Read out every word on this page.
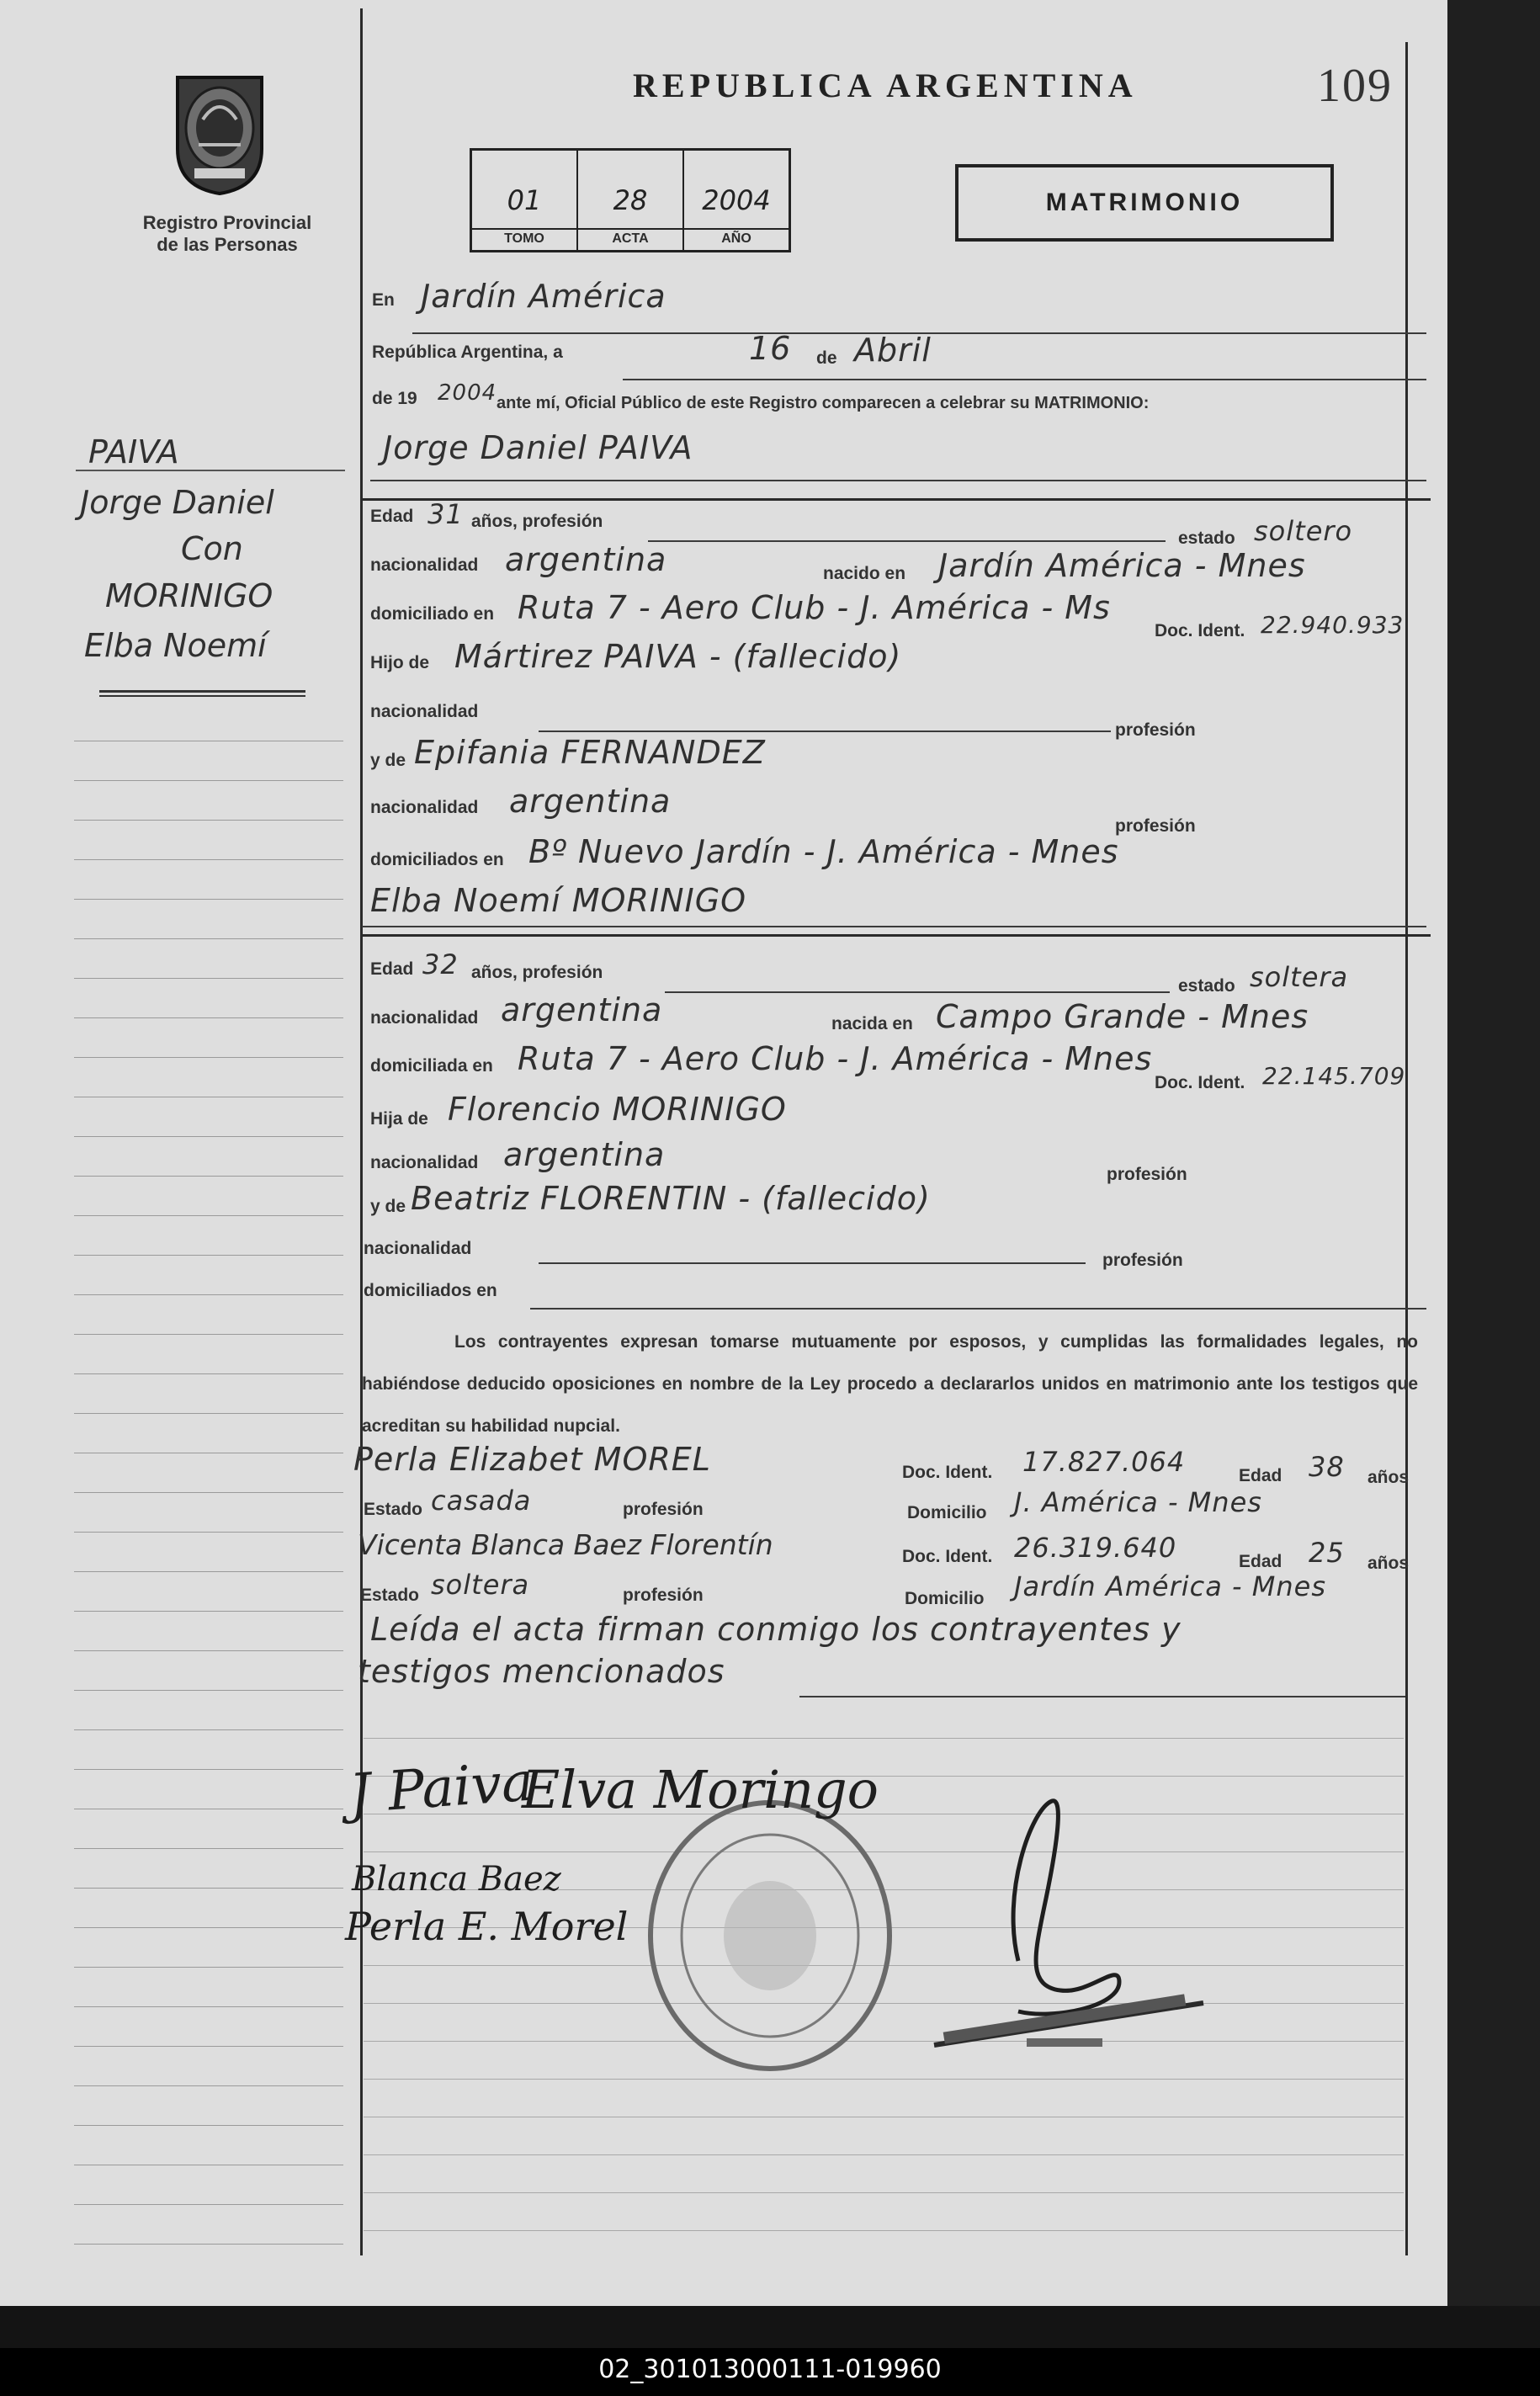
Registro Provincial
de las Personas
REPUBLICA ARGENTINA	109
01
TOMO
28
ACTA
2004
AÑO
MATRIMONIO
PAIVA
Jorge Daniel
Con
MORINIGO
Elba Noemí
En Jardín América
República Argentina, a	16 de Abril
de 19 2004 ante mí, Oficial Público de este Registro comparecen a celebrar su MATRIMONIO:
Jorge Daniel PAIVA
Edad 31 años, profesión
estado soltero
nacionalidad argentina	nacido en Jardín América - Mnes
domiciliado en Ruta 7 - Aero Club - J. América - Ms
Doc. Ident. 22.940.933
Hijo de Mártirez PAIVA - (fallecido)
nacionalidad
profesión
y de Epifania FERNANDEZ
nacionalidad argentina
profesión
domiciliados en Bº Nuevo Jardín - J. América - Mnes
Elba Noemí MORINIGO
Edad 32 años, profesión
estado soltera
nacionalidad argentina	nacida en Campo Grande - Mnes
domiciliada en Ruta 7 - Aero Club - J. América - Mnes
Doc. Ident. 22.145.709
Hija de Florencio MORINIGO
nacionalidad argentina
profesión
y de Beatriz FLORENTIN - (fallecido)
nacionalidad
profesión
domiciliados en
Los contrayentes expresan tomarse mutuamente por esposos, y cumplidas las formalidades legales, no habiéndose deducido oposiciones en nombre de la Ley procedo a declararlos unidos en matrimonio ante los testigos que acreditan su habilidad nupcial.
Perla Elizabet MOREL	Doc. Ident. 17.827.064	Edad 38 años
Estado casada	profesión	Domicilio J. América - Mnes
Vicenta Blanca Baez Florentín	Doc. Ident. 26.319.640	Edad 25 años
Estado soltera	profesión	Domicilio Jardín América - Mnes
Leída el acta firman conmigo los contrayentes y
testigos mencionados
J Paiva
Elva Moringo
Blanca Baez
Perla E. Morel
02_301013000111-019960
